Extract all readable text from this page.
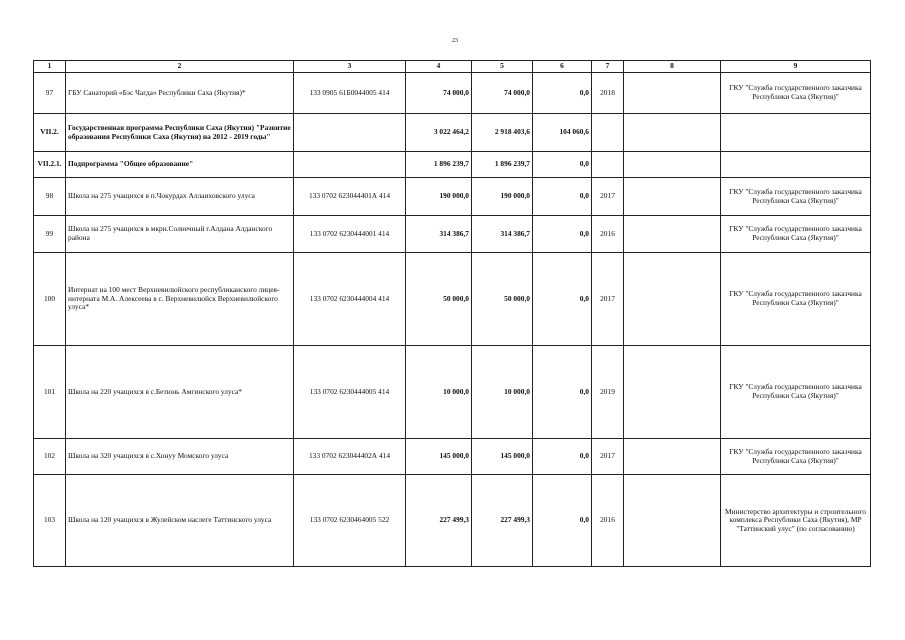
23
1	2	3	4	5	6	7	8	9
97	ГБУ Санаторий «Бэс Чагда» Республики Саха (Якутия)*	133 0905 61Б0044005 414	74 000,0	74 000,0	0,0	2018		ГКУ "Служба государственного заказчика Республики Саха (Якутия)"
VII.2.	Государственная программа Республики Саха (Якутия) "Развитие образования Республики Саха (Якутия) на 2012 - 2019 годы"		3 022 464,2	2 918 403,6	104 060,6			
VII.2.1.	Подпрограмма "Общее образование"		1 896 239,7	1 896 239,7	0,0			
98	Школа на 275 учащихся в п.Чокурдах Аллаиховского улуса	133 0702 623044401А 414	190 000,0	190 000,0	0,0	2017		ГКУ "Служба государственного заказчика Республики Саха (Якутия)"
99	Школа на 275 учащихся в мкрн.Солнечный г.Алдана Алданского района	133 0702 6230444001 414	314 386,7	314 386,7	0,0	2016		ГКУ "Служба государственного заказчика Республики Саха (Якутия)"
100	Интернат на 100 мест Верхневилюйского республиканского лицея-интерната М.А. Алексеева в с. Верхневилюйск Верхневилюйского улуса*	133 0702 6230444004 414	50 000,0	50 000,0	0,0	2017		ГКУ "Служба государственного заказчика Республики Саха (Якутия)"
101	Школа на 220 учащихся в с.Бетюнь Амгинского улуса*	133 0702 6230444005 414	10 000,0	10 000,0	0,0	2019		ГКУ "Служба государственного заказчика Республики Саха (Якутия)"
102	Школа на 320 учащихся в с.Хонуу Момского улуса	133 0702 623044402А 414	145 000,0	145 000,0	0,0	2017		ГКУ "Служба государственного заказчика Республики Саха (Якутия)"
103	Школа на 120 учащихся в Жулейском наслеге Таттинского улуса	133 0702 6230464005 522	227 499,3	227 499,3	0,0	2016		Министерство архитектуры и строительного комплекса Республики Саха (Якутия), МР "Таттинский улус" (по согласованию)
